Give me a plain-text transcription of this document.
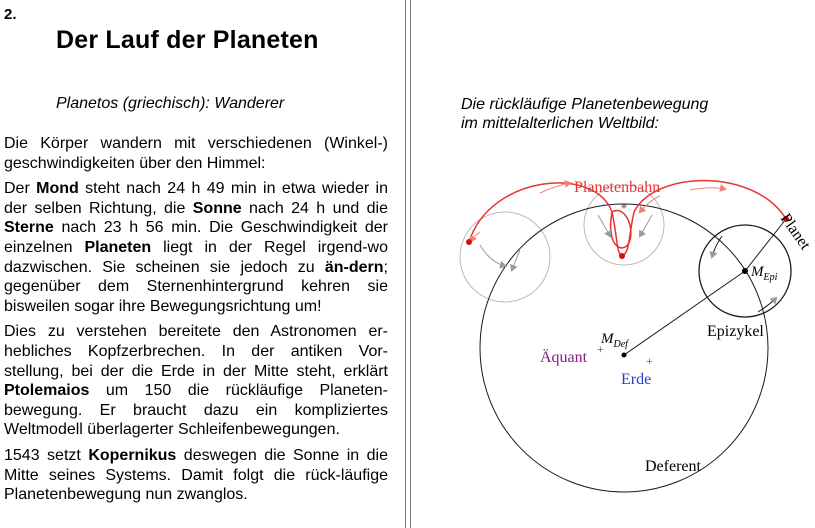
2.
Der Lauf der Planeten
Planetos (griechisch): Wanderer

Die Körper wandern mit verschiedenen (Winkel-) geschwindigkeiten über den Himmel:

Der Mond steht nach 24 h 49 min in etwa wieder in der selben Richtung, die Sonne nach 24 h und die Sterne nach 23 h 56 min. Die Geschwindigkeit der einzelnen Planeten liegt in der Regel irgend-wo dazwischen. Sie scheinen sie jedoch zu än-dern; gegenüber dem Sternenhintergrund kehren sie bisweilen sogar ihre Bewegungsrichtung um!

Dies zu verstehen bereitete den Astronomen er-hebliches Kopfzerbrechen. In der antiken Vor-stellung, bei der die Erde in der Mitte steht, erklärt Ptolemaios um 150 die rückläufige Planeten-bewegung. Er braucht dazu ein kompliziertes Weltmodell überlagerter Schleifenbewegungen.

1543 setzt Kopernikus deswegen die Sonne in die Mitte seines Systems. Damit folgt die rück-läufige Planetenbewegung nun zwanglos.

Die rückläufige Planetenbewegung
im mittelalterlichen Weltbild:
Planetenbahn
Planet
$M_{Epi}$
Epizykel
$M_{Def}$
Äquant +
+
Erde
Deferent
